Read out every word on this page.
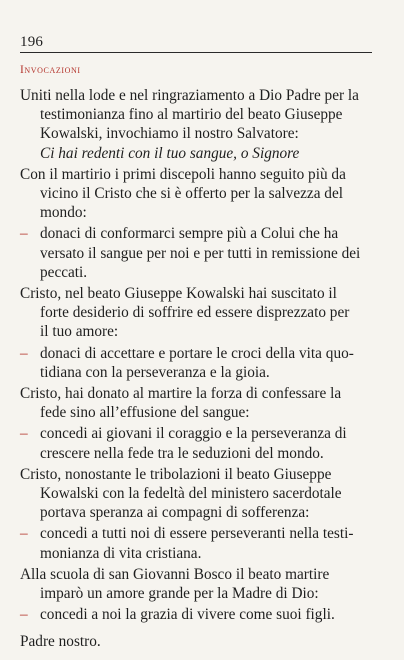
196
Invocazioni
Uniti nella lode e nel ringraziamento a Dio Padre per la
testimonianza fino al martirio del beato Giuseppe
Kowalski, invochiamo il nostro Salvatore:
Ci hai redenti con il tuo sangue, o Signore
Con il martirio i primi discepoli hanno seguito più da
vicino il Cristo che si è offerto per la salvezza del
mondo:
– donaci di conformarci sempre più a Colui che ha
versato il sangue per noi e per tutti in remissione dei
peccati.
Cristo, nel beato Giuseppe Kowalski hai suscitato il
forte desiderio di soffrire ed essere disprezzato per
il tuo amore:
– donaci di accettare e portare le croci della vita quo-
tidiana con la perseveranza e la gioia.
Cristo, hai donato al martire la forza di confessare la
fede sino all’effusione del sangue:
– concedi ai giovani il coraggio e la perseveranza di
crescere nella fede tra le seduzioni del mondo.
Cristo, nonostante le tribolazioni il beato Giuseppe
Kowalski con la fedeltà del ministero sacerdotale
portava speranza ai compagni di sofferenza:
– concedi a tutti noi di essere perseveranti nella testi-
monianza di vita cristiana.
Alla scuola di san Giovanni Bosco il beato martire
imparò un amore grande per la Madre di Dio:
– concedi a noi la grazia di vivere come suoi figli.
Padre nostro.
